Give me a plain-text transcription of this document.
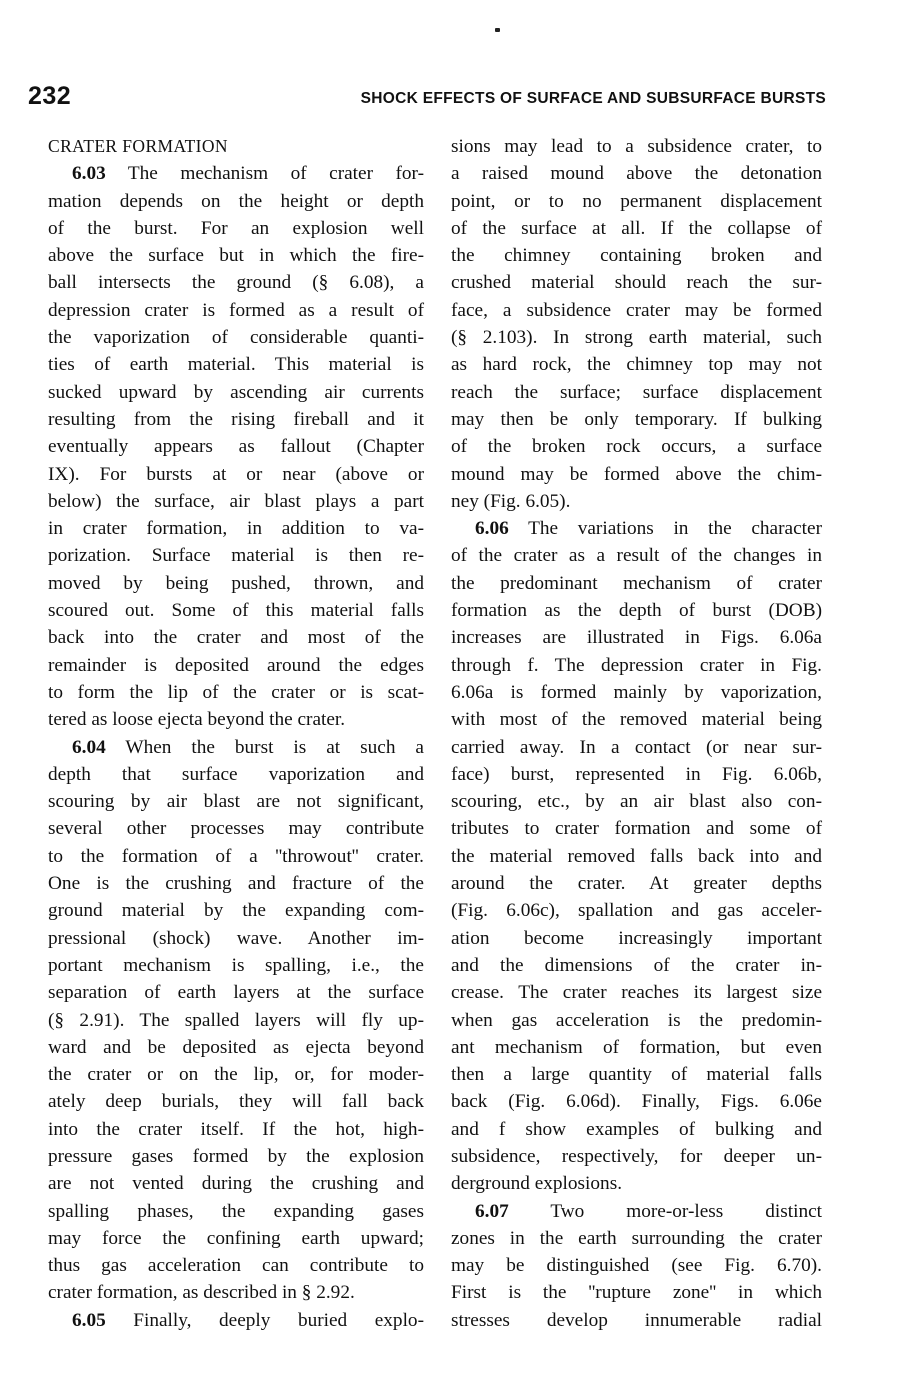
232	SHOCK EFFECTS OF SURFACE AND SUBSURFACE BURSTS
CRATER FORMATION
6.03 The mechanism of crater for-
mation depends on the height or depth
of the burst. For an explosion well
above the surface but in which the fire-
ball intersects the ground (§ 6.08), a
depression crater is formed as a result of
the vaporization of considerable quanti-
ties of earth material. This material is
sucked upward by ascending air currents
resulting from the rising fireball and it
eventually appears as fallout (Chapter
IX). For bursts at or near (above or
below) the surface, air blast plays a part
in crater formation, in addition to va-
porization. Surface material is then re-
moved by being pushed, thrown, and
scoured out. Some of this material falls
back into the crater and most of the
remainder is deposited around the edges
to form the lip of the crater or is scat-
tered as loose ejecta beyond the crater.
6.04 When the burst is at such a
depth that surface vaporization and
scouring by air blast are not significant,
several other processes may contribute
to the formation of a ''throwout'' crater.
One is the crushing and fracture of the
ground material by the expanding com-
pressional (shock) wave. Another im-
portant mechanism is spalling, i.e., the
separation of earth layers at the surface
(§ 2.91). The spalled layers will fly up-
ward and be deposited as ejecta beyond
the crater or on the lip, or, for moder-
ately deep burials, they will fall back
into the crater itself. If the hot, high-
pressure gases formed by the explosion
are not vented during the crushing and
spalling phases, the expanding gases
may force the confining earth upward;
thus gas acceleration can contribute to
crater formation, as described in § 2.92.
6.05 Finally, deeply buried explo-
sions may lead to a subsidence crater, to
a raised mound above the detonation
point, or to no permanent displacement
of the surface at all. If the collapse of
the chimney containing broken and
crushed material should reach the sur-
face, a subsidence crater may be formed
(§ 2.103). In strong earth material, such
as hard rock, the chimney top may not
reach the surface; surface displacement
may then be only temporary. If bulking
of the broken rock occurs, a surface
mound may be formed above the chim-
ney (Fig. 6.05).
6.06 The variations in the character
of the crater as a result of the changes in
the predominant mechanism of crater
formation as the depth of burst (DOB)
increases are illustrated in Figs. 6.06a
through f. The depression crater in Fig.
6.06a is formed mainly by vaporization,
with most of the removed material being
carried away. In a contact (or near sur-
face) burst, represented in Fig. 6.06b,
scouring, etc., by an air blast also con-
tributes to crater formation and some of
the material removed falls back into and
around the crater. At greater depths
(Fig. 6.06c), spallation and gas acceler-
ation become increasingly important
and the dimensions of the crater in-
crease. The crater reaches its largest size
when gas acceleration is the predomin-
ant mechanism of formation, but even
then a large quantity of material falls
back (Fig. 6.06d). Finally, Figs. 6.06e
and f show examples of bulking and
subsidence, respectively, for deeper un-
derground explosions.
6.07 Two more-or-less distinct
zones in the earth surrounding the crater
may be distinguished (see Fig. 6.70).
First is the ''rupture zone'' in which
stresses develop innumerable radial
